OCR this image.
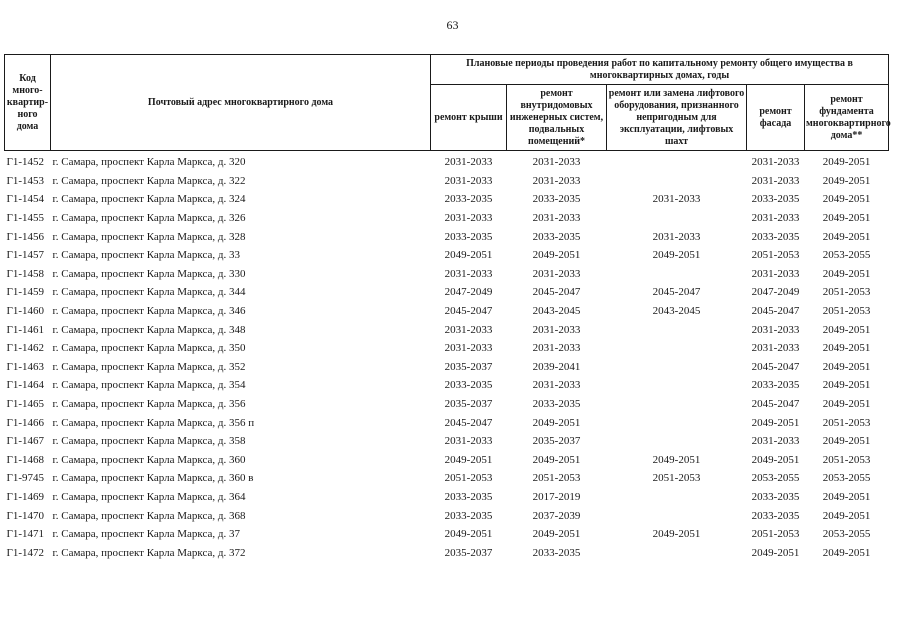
63
Код много-квартир-ного дома	Почтовый адрес многоквартирного дома	Плановые периоды проведения работ по капитальному ремонту общего имущества в многоквартирных домах, годы				
		ремонт крыши	ремонт внутридомовых инженерных систем, подвальных помещений*	ремонт или замена лифтового оборудования, признанного непригодным для эксплуатации, лифтовых шахт	ремонт фасада	ремонт фундамента многоквартирного дома**
Г1-1452	г. Самара, проспект Карла Маркса, д. 320	2031-2033	2031-2033		2031-2033	2049-2051
Г1-1453	г. Самара, проспект Карла Маркса, д. 322	2031-2033	2031-2033		2031-2033	2049-2051
Г1-1454	г. Самара, проспект Карла Маркса, д. 324	2033-2035	2033-2035	2031-2033	2033-2035	2049-2051
Г1-1455	г. Самара, проспект Карла Маркса, д. 326	2031-2033	2031-2033		2031-2033	2049-2051
Г1-1456	г. Самара, проспект Карла Маркса, д. 328	2033-2035	2033-2035	2031-2033	2033-2035	2049-2051
Г1-1457	г. Самара, проспект Карла Маркса, д. 33	2049-2051	2049-2051	2049-2051	2051-2053	2053-2055
Г1-1458	г. Самара, проспект Карла Маркса, д. 330	2031-2033	2031-2033		2031-2033	2049-2051
Г1-1459	г. Самара, проспект Карла Маркса, д. 344	2047-2049	2045-2047	2045-2047	2047-2049	2051-2053
Г1-1460	г. Самара, проспект Карла Маркса, д. 346	2045-2047	2043-2045	2043-2045	2045-2047	2051-2053
Г1-1461	г. Самара, проспект Карла Маркса, д. 348	2031-2033	2031-2033		2031-2033	2049-2051
Г1-1462	г. Самара, проспект Карла Маркса, д. 350	2031-2033	2031-2033		2031-2033	2049-2051
Г1-1463	г. Самара, проспект Карла Маркса, д. 352	2035-2037	2039-2041		2045-2047	2049-2051
Г1-1464	г. Самара, проспект Карла Маркса, д. 354	2033-2035	2031-2033		2033-2035	2049-2051
Г1-1465	г. Самара, проспект Карла Маркса, д. 356	2035-2037	2033-2035		2045-2047	2049-2051
Г1-1466	г. Самара, проспект Карла Маркса, д. 356 п	2045-2047	2049-2051		2049-2051	2051-2053
Г1-1467	г. Самара, проспект Карла Маркса, д. 358	2031-2033	2035-2037		2031-2033	2049-2051
Г1-1468	г. Самара, проспект Карла Маркса, д. 360	2049-2051	2049-2051	2049-2051	2049-2051	2051-2053
Г1-9745	г. Самара, проспект Карла Маркса, д. 360 в	2051-2053	2051-2053	2051-2053	2053-2055	2053-2055
Г1-1469	г. Самара, проспект Карла Маркса, д. 364	2033-2035	2017-2019		2033-2035	2049-2051
Г1-1470	г. Самара, проспект Карла Маркса, д. 368	2033-2035	2037-2039		2033-2035	2049-2051
Г1-1471	г. Самара, проспект Карла Маркса, д. 37	2049-2051	2049-2051	2049-2051	2051-2053	2053-2055
Г1-1472	г. Самара, проспект Карла Маркса, д. 372	2035-2037	2033-2035		2049-2051	2049-2051
